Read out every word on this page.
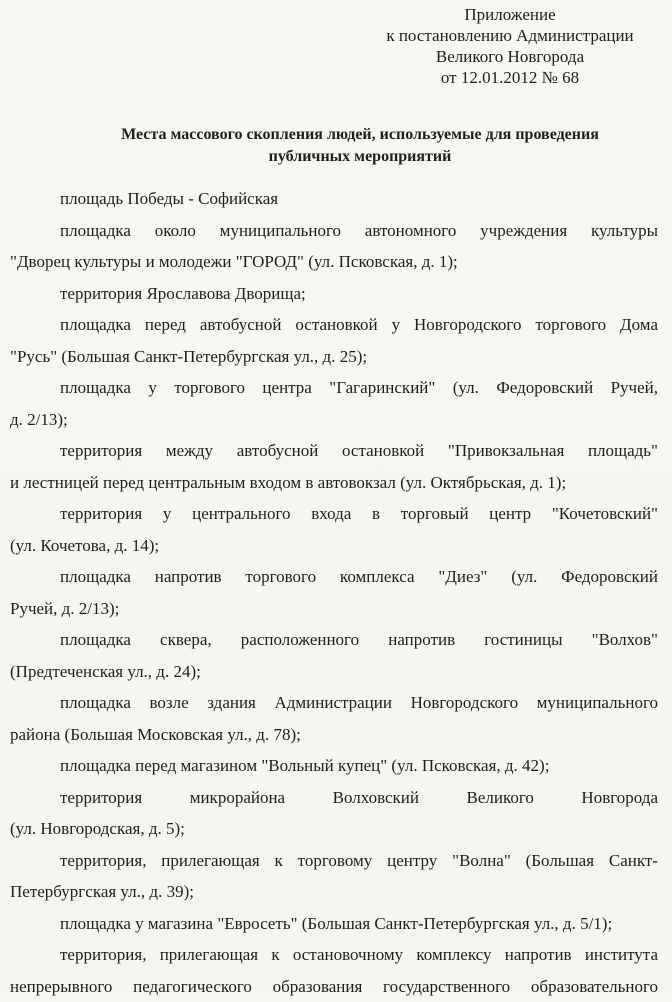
Приложение
к постановлению Администрации
Великого Новгорода
от 12.01.2012 № 68
Места массового скопления людей, используемые для проведения
публичных мероприятий

площадь Победы - Софийская

площадка около муниципального автономного учреждения культуры
"Дворец культуры и молодежи "ГОРОД" (ул. Псковская, д. 1);

территория Ярославова Дворища;

площадка перед автобусной остановкой у Новгородского торгового Дома
"Русь" (Большая Санкт-Петербургская ул., д. 25);

площадка у торгового центра "Гагаринский" (ул. Федоровский Ручей,
д. 2/13);

территория между автобусной остановкой "Привокзальная площадь"
и лестницей перед центральным входом в автовокзал (ул. Октябрьская, д. 1);

территория у центрального входа в торговый центр "Кочетовский"
(ул. Кочетова, д. 14);

площадка напротив торгового комплекса "Диез" (ул. Федоровский
Ручей, д. 2/13);

площадка сквера, расположенного напротив гостиницы "Волхов"
(Предтеченская ул., д. 24);

площадка возле здания Администрации Новгородского муниципального
района (Большая Московская ул., д. 78);

площадка перед магазином "Вольный купец" (ул. Псковская, д. 42);

территория микрорайона Волховский Великого Новгорода
(ул. Новгородская, д. 5);

территория, прилегающая к торговому центру "Волна" (Большая Санкт-
Петербургская ул., д. 39);

площадка у магазина "Евросеть" (Большая Санкт-Петербургская ул., д. 5/1);

территория, прилегающая к остановочному комплексу напротив института
непрерывного педагогического образования государственного образовательного
